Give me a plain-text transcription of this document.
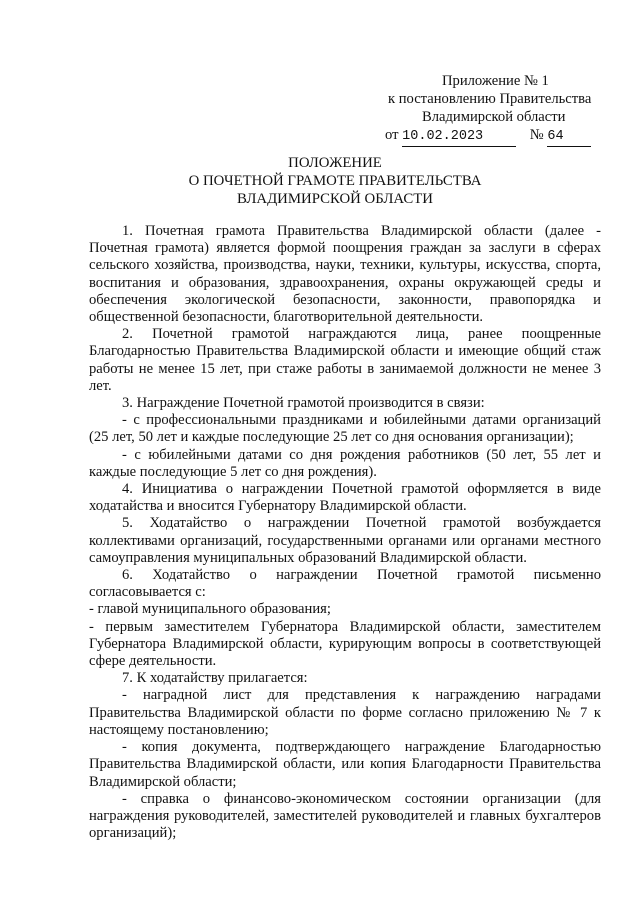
Приложение № 1
к постановлению Правительства
Владимирской области
от 10.02.2023	№ 64
ПОЛОЖЕНИЕ
О ПОЧЕТНОЙ ГРАМОТЕ ПРАВИТЕЛЬСТВА
ВЛАДИМИРСКОЙ ОБЛАСТИ

1. Почетная грамота Правительства Владимирской области (далее - Почетная грамота) является формой поощрения граждан за заслуги в сферах сельского хозяйства, производства, науки, техники, культуры, искусства, спорта, воспитания и образования, здравоохранения, охраны окружающей среды и обеспечения экологической безопасности, законности, правопорядка и общественной безопасности, благотворительной деятельности.

2. Почетной грамотой награждаются лица, ранее поощренные Благодарностью Правительства Владимирской области и имеющие общий стаж работы не менее 15 лет, при стаже работы в занимаемой должности не менее 3 лет.

3. Награждение Почетной грамотой производится в связи:

- с профессиональными праздниками и юбилейными датами организаций (25 лет, 50 лет и каждые последующие 25 лет со дня основания организации);

- с юбилейными датами со дня рождения работников (50 лет, 55 лет и каждые последующие 5 лет со дня рождения).

4. Инициатива о награждении Почетной грамотой оформляется в виде ходатайства и вносится Губернатору Владимирской области.

5. Ходатайство о награждении Почетной грамотой возбуждается коллективами организаций, государственными органами или органами местного самоуправления муниципальных образований Владимирской области.

6. Ходатайство о награждении Почетной грамотой письменно согласовывается с:

- главой муниципального образования;

- первым заместителем Губернатора Владимирской области, заместителем Губернатора Владимирской области, курирующим вопросы в соответствующей сфере деятельности.

7. К ходатайству прилагается:

- наградной лист для представления к награждению наградами Правительства Владимирской области по форме согласно приложению № 7 к настоящему постановлению;

- копия документа, подтверждающего награждение Благодарностью Правительства Владимирской области, или копия Благодарности Правительства Владимирской области;

- справка о финансово-экономическом состоянии организации (для награждения руководителей, заместителей руководителей и главных бухгалтеров организаций);
